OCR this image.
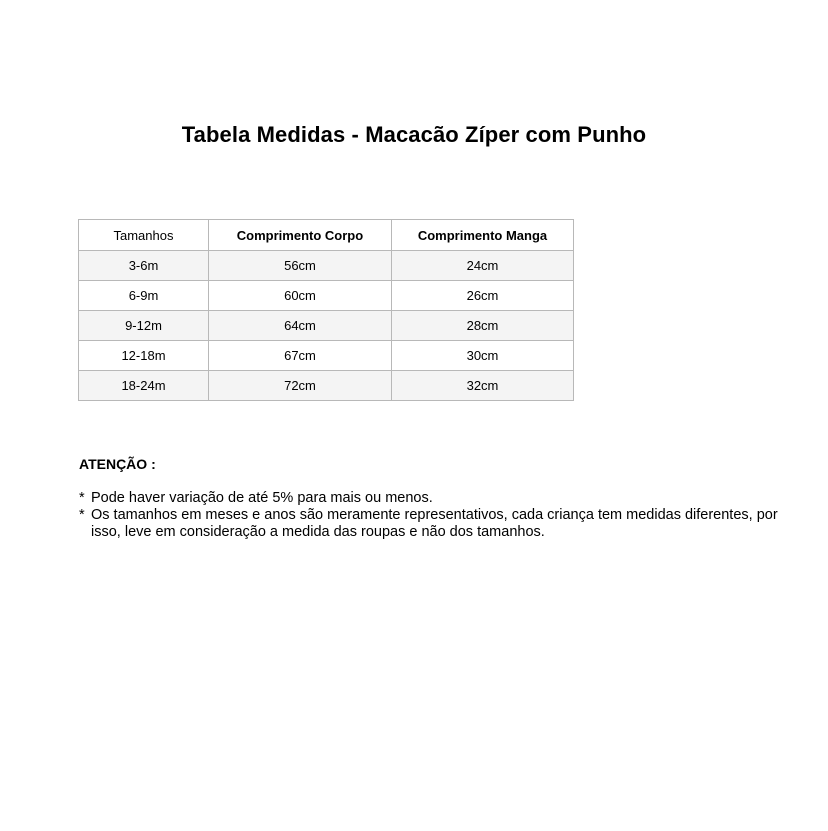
Tabela Medidas - Macacão Zíper com Punho
Tamanhos	Comprimento Corpo	Comprimento Manga
3-6m	56cm	24cm
6-9m	60cm	26cm
9-12m	64cm	28cm
12-18m	67cm	30cm
18-24m	72cm	32cm
ATENÇÃO :

* Pode haver variação de até 5% para mais ou menos.

* Os tamanhos em meses e anos são meramente representativos, cada criança tem medidas diferentes, por isso, leve em consideração a medida das roupas e não dos tamanhos.
